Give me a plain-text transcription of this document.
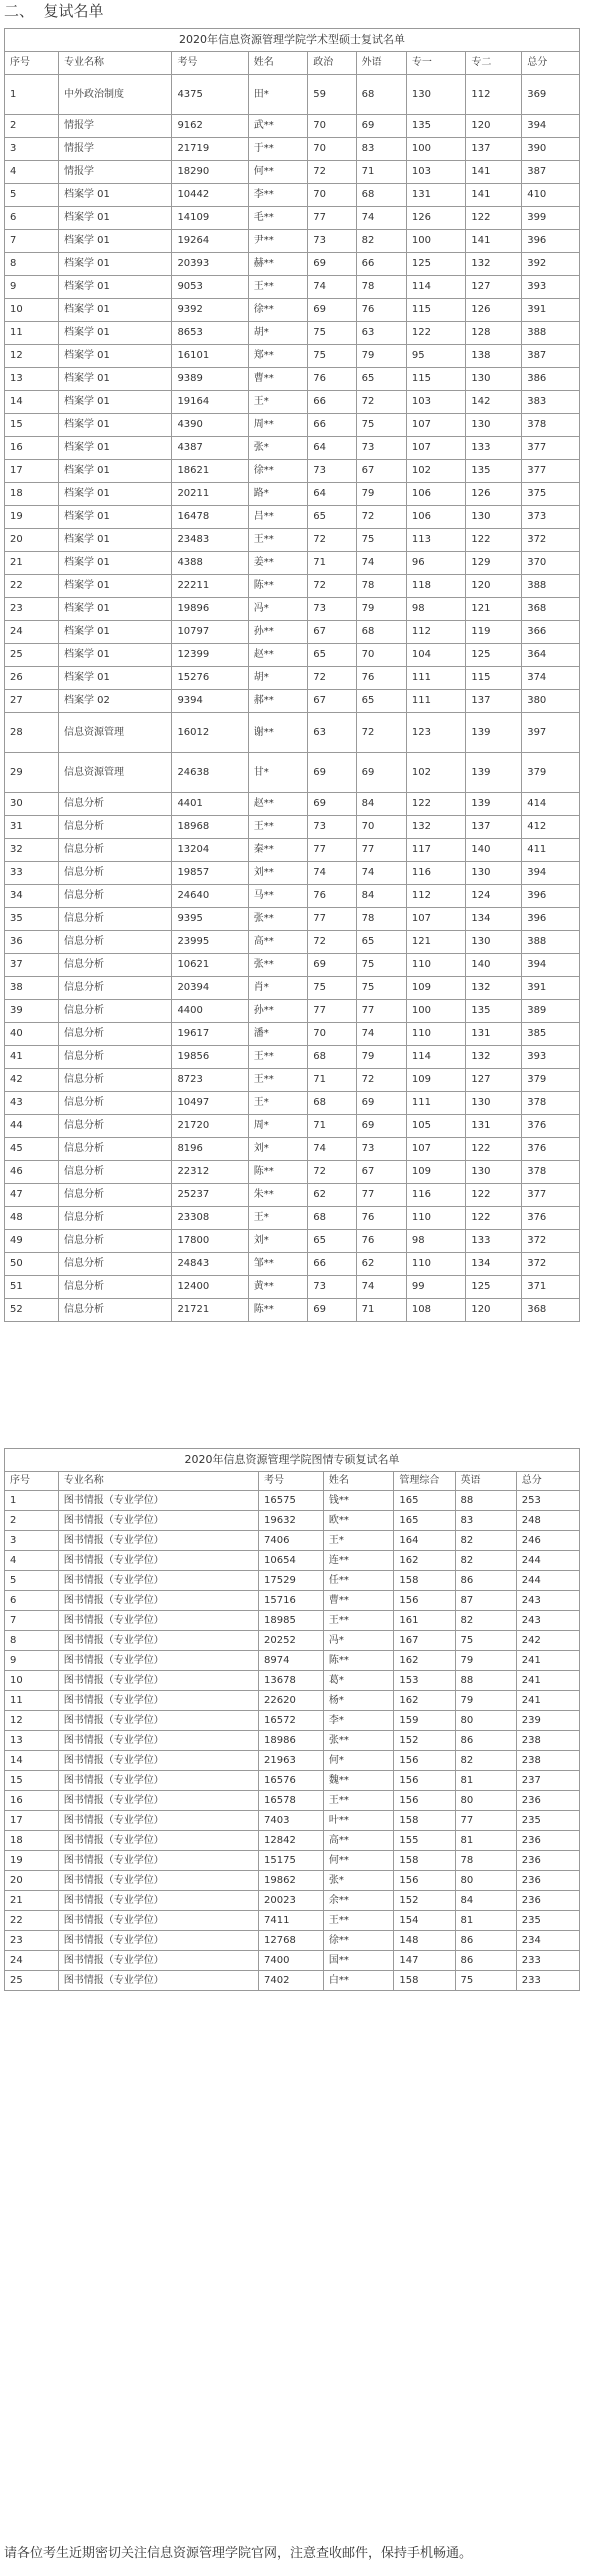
二、  复试名单
2020年信息资源管理学院学术型硕士复试名单								
序号	专业名称	考号	姓名	政治	外语	专一	专二	总分
1	中外政治制度	4375	田*	59	68	130	112	369
2	情报学	9162	武**	70	69	135	120	394
3	情报学	21719	于**	70	83	100	137	390
4	情报学	18290	何**	72	71	103	141	387
5	档案学 01	10442	李**	70	68	131	141	410
6	档案学 01	14109	毛**	77	74	126	122	399
7	档案学 01	19264	尹**	73	82	100	141	396
8	档案学 01	20393	赫**	69	66	125	132	392
9	档案学 01	9053	王**	74	78	114	127	393
10	档案学 01	9392	徐**	69	76	115	126	391
11	档案学 01	8653	胡*	75	63	122	128	388
12	档案学 01	16101	郑**	75	79	95	138	387
13	档案学 01	9389	曹**	76	65	115	130	386
14	档案学 01	19164	王*	66	72	103	142	383
15	档案学 01	4390	周**	66	75	107	130	378
16	档案学 01	4387	张*	64	73	107	133	377
17	档案学 01	18621	徐**	73	67	102	135	377
18	档案学 01	20211	路*	64	79	106	126	375
19	档案学 01	16478	吕**	65	72	106	130	373
20	档案学 01	23483	王**	72	75	113	122	372
21	档案学 01	4388	姜**	71	74	96	129	370
22	档案学 01	22211	陈**	72	78	118	120	388
23	档案学 01	19896	冯*	73	79	98	121	368
24	档案学 01	10797	孙**	67	68	112	119	366
25	档案学 01	12399	赵**	65	70	104	125	364
26	档案学 01	15276	胡*	72	76	111	115	374
27	档案学 02	9394	郝**	67	65	111	137	380
28	信息资源管理	16012	谢**	63	72	123	139	397
29	信息资源管理	24638	甘*	69	69	102	139	379
30	信息分析	4401	赵**	69	84	122	139	414
31	信息分析	18968	王**	73	70	132	137	412
32	信息分析	13204	秦**	77	77	117	140	411
33	信息分析	19857	刘**	74	74	116	130	394
34	信息分析	24640	马**	76	84	112	124	396
35	信息分析	9395	张**	77	78	107	134	396
36	信息分析	23995	高**	72	65	121	130	388
37	信息分析	10621	张**	69	75	110	140	394
38	信息分析	20394	肖*	75	75	109	132	391
39	信息分析	4400	孙**	77	77	100	135	389
40	信息分析	19617	潘*	70	74	110	131	385
41	信息分析	19856	王**	68	79	114	132	393
42	信息分析	8723	王**	71	72	109	127	379
43	信息分析	10497	王*	68	69	111	130	378
44	信息分析	21720	周*	71	69	105	131	376
45	信息分析	8196	刘*	74	73	107	122	376
46	信息分析	22312	陈**	72	67	109	130	378
47	信息分析	25237	朱**	62	77	116	122	377
48	信息分析	23308	王*	68	76	110	122	376
49	信息分析	17800	刘*	65	76	98	133	372
50	信息分析	24843	邹**	66	62	110	134	372
51	信息分析	12400	黄**	73	74	99	125	371
52	信息分析	21721	陈**	69	71	108	120	368
2020年信息资源管理学院图情专硕复试名单						
序号	专业名称	考号	姓名	管理综合	英语	总分
1	图书情报（专业学位）	16575	钱**	165	88	253
2	图书情报（专业学位）	19632	欧**	165	83	248
3	图书情报（专业学位）	7406	王*	164	82	246
4	图书情报（专业学位）	10654	连**	162	82	244
5	图书情报（专业学位）	17529	任**	158	86	244
6	图书情报（专业学位）	15716	曹**	156	87	243
7	图书情报（专业学位）	18985	王**	161	82	243
8	图书情报（专业学位）	20252	冯*	167	75	242
9	图书情报（专业学位）	8974	陈**	162	79	241
10	图书情报（专业学位）	13678	葛*	153	88	241
11	图书情报（专业学位）	22620	杨*	162	79	241
12	图书情报（专业学位）	16572	李*	159	80	239
13	图书情报（专业学位）	18986	张**	152	86	238
14	图书情报（专业学位）	21963	何*	156	82	238
15	图书情报（专业学位）	16576	魏**	156	81	237
16	图书情报（专业学位）	16578	王**	156	80	236
17	图书情报（专业学位）	7403	叶**	158	77	235
18	图书情报（专业学位）	12842	高**	155	81	236
19	图书情报（专业学位）	15175	何**	158	78	236
20	图书情报（专业学位）	19862	张*	156	80	236
21	图书情报（专业学位）	20023	余**	152	84	236
22	图书情报（专业学位）	7411	王**	154	81	235
23	图书情报（专业学位）	12768	徐**	148	86	234
24	图书情报（专业学位）	7400	国**	147	86	233
25	图书情报（专业学位）	7402	白**	158	75	233
请各位考生近期密切关注信息资源管理学院官网，注意查收邮件，保持手机畅通。
